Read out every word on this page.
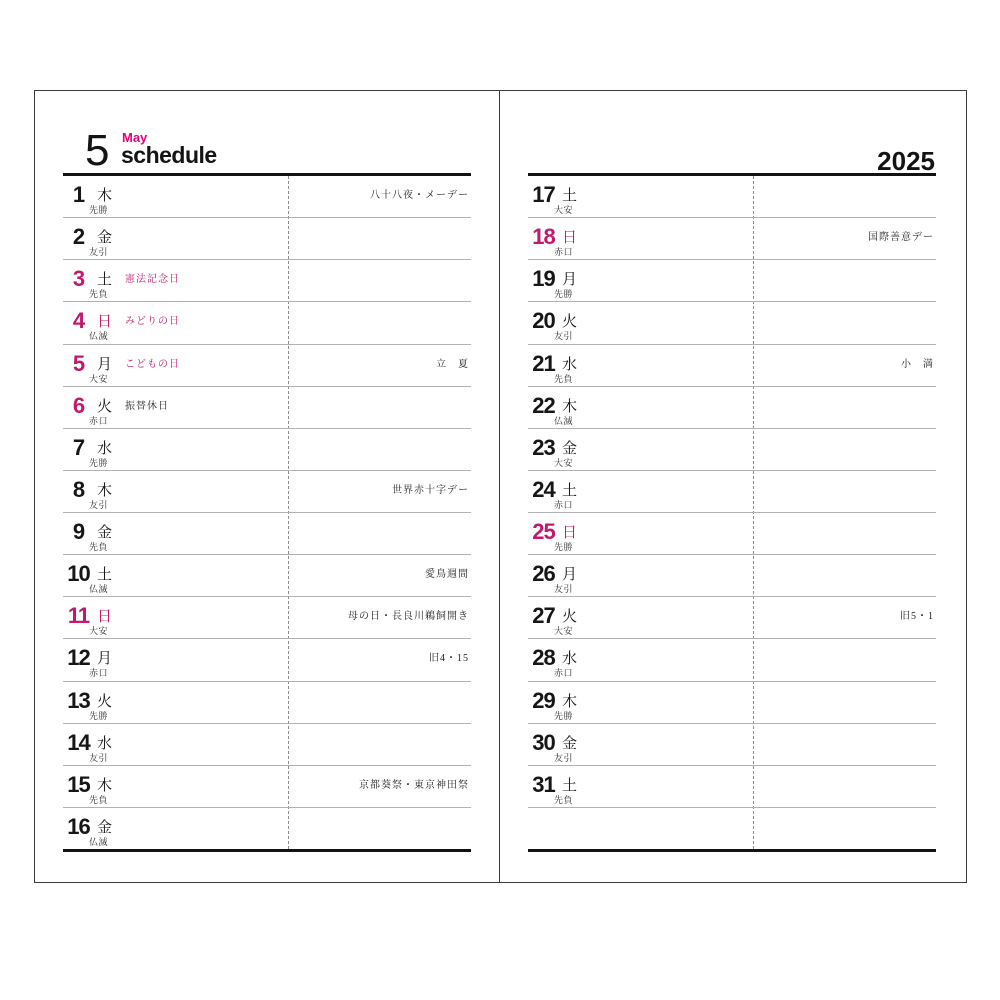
5 May
schedule
1 木
先勝
八十八夜・メーデー
2 金
友引
3 土
先負
憲法記念日
4 日
仏滅
みどりの日
5 月
大安
こどもの日	立　夏
6 火
赤口
振替休日
7 水
先勝
8 木
友引
世界赤十字デー
9 金
先負
10 土
仏滅
愛鳥週間
11 日
大安
母の日・長良川鵜飼開き
12 月
赤口
旧4・15
13 火
先勝
14 水
友引
15 木
先負
京都葵祭・東京神田祭
16 金
仏滅
2025
17 土
大安
18 日
赤口
国際善意デー
19 月
先勝
20 火
友引
21 水
先負
小　満
22 木
仏滅
23 金
大安
24 土
赤口
25 日
先勝
26 月
友引
27 火
大安
旧5・1
28 水
赤口
29 木
先勝
30 金
友引
31 土
先負
